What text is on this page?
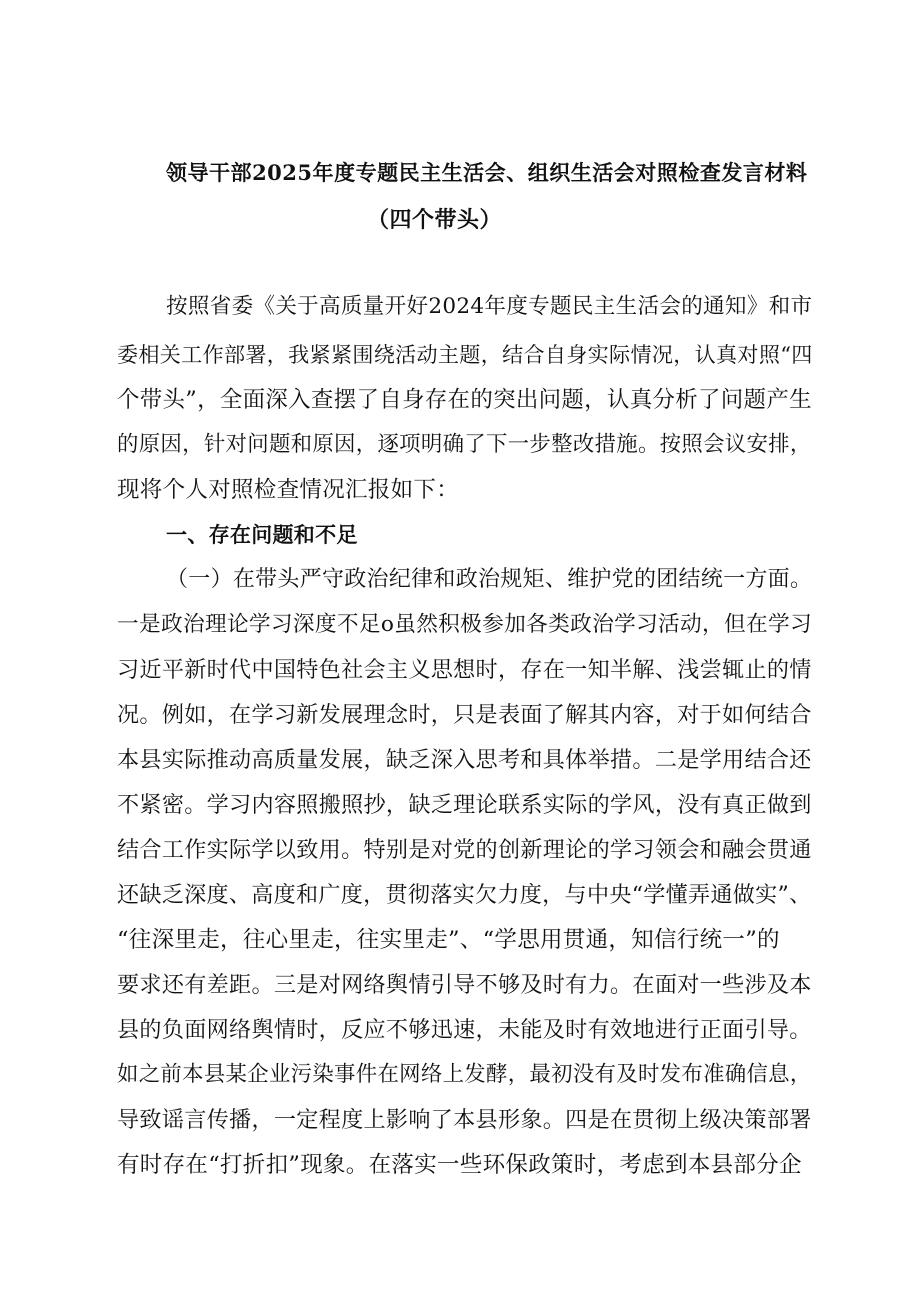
领导干部2025年度专题民主生活会、组织生活会对照检查发言材料
（四个带头）
按照省委《关于高质量开好2024年度专题民主生活会的通知》和市
委相关工作部署，我紧紧围绕活动主题，结合自身实际情况，认真对照“四
个带头”，全面深入查摆了自身存在的突出问题，认真分析了问题产生
的原因，针对问题和原因，逐项明确了下一步整改措施。按照会议安排，
现将个人对照检查情况汇报如下：
一、存在问题和不足
（一）在带头严守政治纪律和政治规矩、维护党的团结统一方面。
一是政治理论学习深度不足o虽然积极参加各类政治学习活动，但在学习
习近平新时代中国特色社会主义思想时，存在一知半解、浅尝辄止的情
况。例如，在学习新发展理念时，只是表面了解其内容，对于如何结合
本县实际推动高质量发展，缺乏深入思考和具体举措。二是学用结合还
不紧密。学习内容照搬照抄，缺乏理论联系实际的学风，没有真正做到
结合工作实际学以致用。特别是对党的创新理论的学习领会和融会贯通
还缺乏深度、高度和广度，贯彻落实欠力度，与中央“学懂弄通做实”、
“往深里走，往心里走，往实里走”、“学思用贯通，知信行统一”的
要求还有差距。三是对网络舆情引导不够及时有力。在面对一些涉及本
县的负面网络舆情时，反应不够迅速，未能及时有效地进行正面引导。
如之前本县某企业污染事件在网络上发酵，最初没有及时发布准确信息，
导致谣言传播，一定程度上影响了本县形象。四是在贯彻上级决策部署
有时存在“打折扣”现象。在落实一些环保政策时，考虑到本县部分企
